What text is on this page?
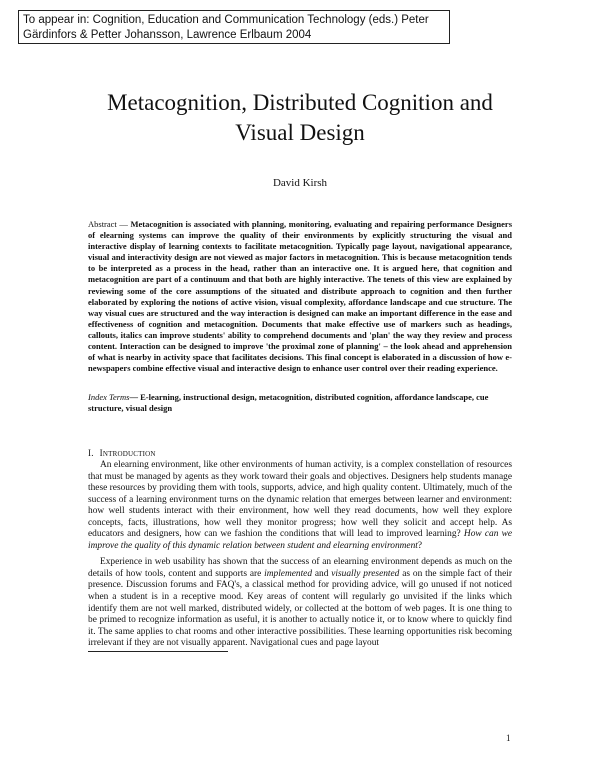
To appear in: Cognition, Education and Communication Technology (eds.) Peter
Gärdinfors & Petter Johansson, Lawrence Erlbaum 2004
Metacognition, Distributed Cognition and
Visual Design

David Kirsh

Abstract — Metacognition is associated with planning, monitoring, evaluating and repairing performance Designers of elearning systems can improve the quality of their environments by explicitly structuring the visual and interactive display of learning contexts to facilitate metacognition. Typically page layout, navigational appearance, visual and interactivity design are not viewed as major factors in metacognition. This is because metacognition tends to be interpreted as a process in the head, rather than an interactive one. It is argued here, that cognition and metacognition are part of a continuum and that both are highly interactive. The tenets of this view are explained by reviewing some of the core assumptions of the situated and distribute approach to cognition and then further elaborated by exploring the notions of active vision, visual complexity, affordance landscape and cue structure. The way visual cues are structured and the way interaction is designed can make an important difference in the ease and effectiveness of cognition and metacognition. Documents that make effective use of markers such as headings, callouts, italics can improve students' ability to comprehend documents and 'plan' the way they review and process content. Interaction can be designed to improve 'the proximal zone of planning' – the look ahead and apprehension of what is nearby in activity space that facilitates decisions. This final concept is elaborated in a discussion of how e-newspapers combine effective visual and interactive design to enhance user control over their reading experience.
Index Terms— E-learning, instructional design, metacognition, distributed cognition, affordance landscape, cue structure, visual design
I. INTRODUCTION

An elearning environment, like other environments of human activity, is a complex constellation of resources that must be managed by agents as they work toward their goals and objectives. Designers help students manage these resources by providing them with tools, supports, advice, and high quality content. Ultimately, much of the success of a learning environment turns on the dynamic relation that emerges between learner and environment: how well students interact with their environment, how well they read documents, how well they explore concepts, facts, illustrations, how well they monitor progress; how well they solicit and accept help. As educators and designers, how can we fashion the conditions that will lead to improved learning? How can we improve the quality of this dynamic relation between student and elearning environment?

Experience in web usability has shown that the success of an elearning environment depends as much on the details of how tools, content and supports are implemented and visually presented as on the simple fact of their presence. Discussion forums and FAQ's, a classical method for providing advice, will go unused if not noticed when a student is in a receptive mood. Key areas of content will regularly go unvisited if the links which identify them are not well marked, distributed widely, or collected at the bottom of web pages. It is one thing to be primed to recognize information as useful, it is another to actually notice it, or to know where to quickly find it. The same applies to chat rooms and other interactive possibilities. These learning opportunities risk becoming irrelevant if they are not visually apparent. Navigational cues and page layout

1
